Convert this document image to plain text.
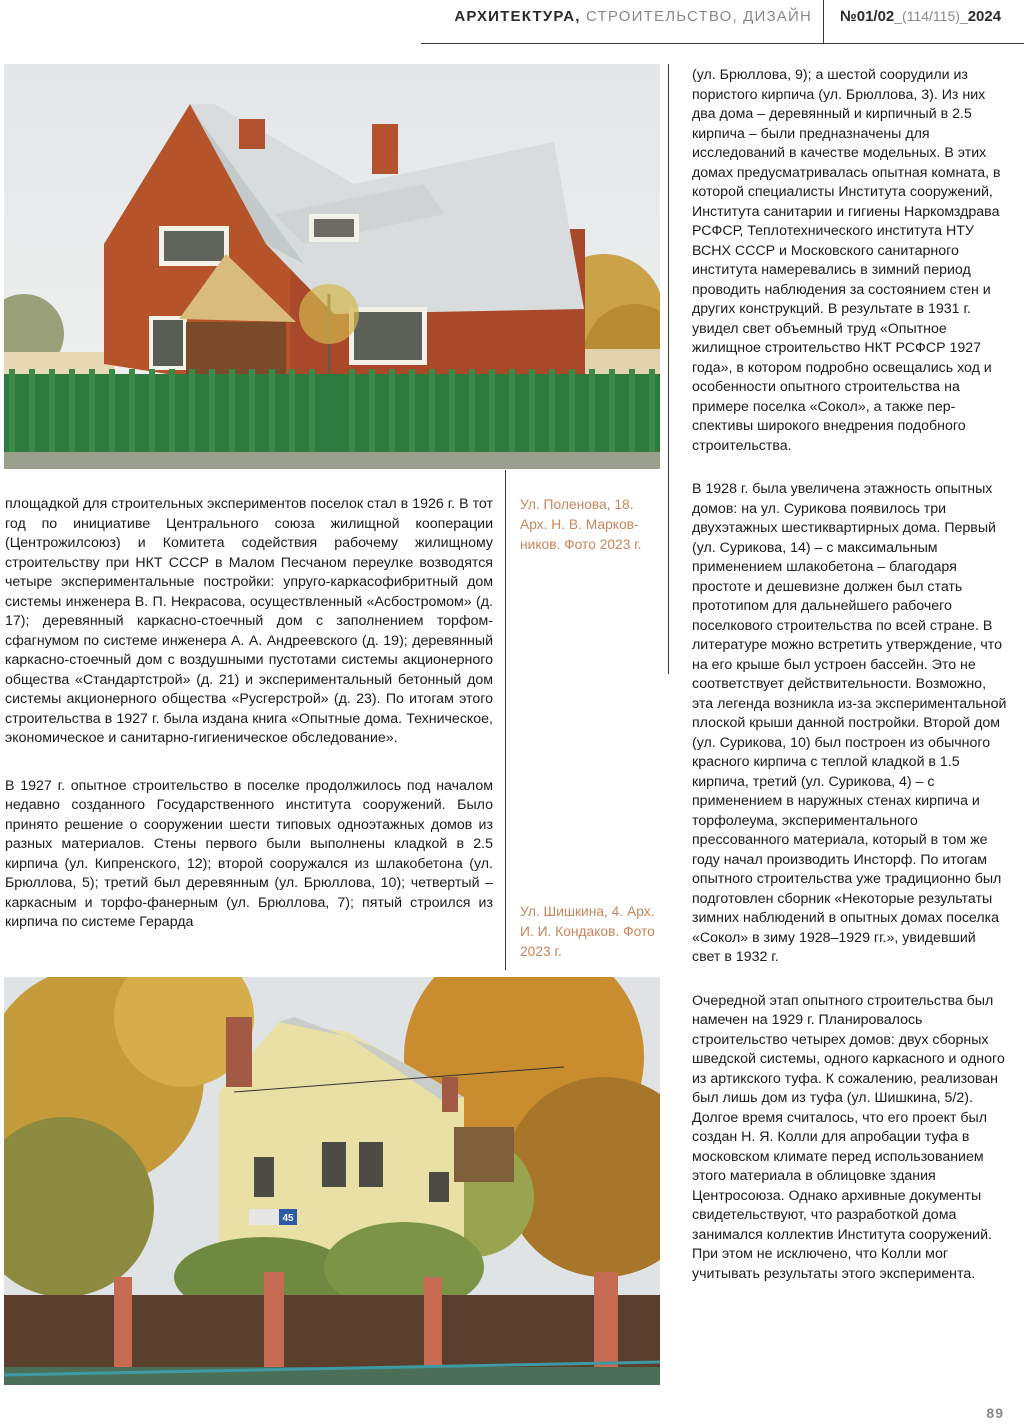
АРХИТЕКТУРА, СТРОИТЕЛЬСТВО, ДИЗАЙН №01/02_(114/115)_2024
45
Ул. Поленова, 18. Арх. Н. В. Марковников. Фото 2023 г.
Ул. Шишкина, 4. Арх. И. И. Кондаков. Фото 2023 г.

площадкой для строительных экспериментов поселок стал в 1926 г. В тот год по инициативе Центрального союза жилищной кооперации (Центрожилсоюз) и Комитета содействия рабочему жилищному строительству при НКТ СССР в Малом Песчаном переулке возводятся четыре экспериментальные постройки: упруго-каркасофибритный дом системы инженера В. П. Некрасова, осуществленный «Асбостромом» (д. 17); деревянный каркасно-стоечный дом с заполнением торфом-сфагнумом по системе инженера А. А. Андреевского (д. 19); деревянный каркасно-стоечный дом с воздушными пустотами системы акционерного общества «Стандартстрой» (д. 21) и экспериментальный бетонный дом системы акционерного общества «Русгерстрой» (д. 23). По итогам этого строительства в 1927 г. была издана книга «Опытные дома. Техническое, экономическое и санитарно-гигиеническое обследование».

В 1927 г. опытное строительство в поселке продолжилось под началом недавно созданного Государственного института сооружений. Было принято решение о сооружении шести типовых одноэтажных домов из разных материалов. Стены первого были выполнены кладкой в 2.5 кирпича (ул. Кипренского, 12); второй сооружался из шлакобетона (ул. Брюллова, 5); третий был деревянным (ул. Брюллова, 10); четвертый – каркасным и торфо-фанерным (ул. Брюллова, 7); пятый строился из кирпича по системе Герарда

(ул. Брюллова, 9); а шестой соорудили из пористого кирпича (ул. Брюллова, 3). Из них два дома – деревянный и кирпичный в 2.5 кирпича – были предназначены для исследований в качестве модельных. В этих домах предусматривалась опытная комната, в которой специалисты Института сооружений, Института санитарии и гигиены Наркомздрава РСФСР, Теплотехнического института НТУ ВСНХ СССР и Московского санитарного института намеревались в зимний период проводить наблюдения за состоянием стен и других конструкций. В результате в 1931 г. увидел свет объемный труд «Опытное жилищное строительство НКТ РСФСР 1927 года», в котором подробно освещались ход и особенности опытного строительства на примере поселка «Сокол», а также перспективы широкого внедрения подобного строительства.

В 1928 г. была увеличена этажность опытных домов: на ул. Сурикова появилось три двухэтажных шестиквартирных дома. Первый (ул. Сурикова, 14) – с максимальным применением шлакобетона – благодаря простоте и дешевизне должен был стать прототипом для дальнейшего рабочего поселкового строительства по всей стране. В литературе можно встретить утверждение, что на его крыше был устроен бассейн. Это не соответствует действительности. Возможно, эта легенда возникла из-за экспериментальной плоской крыши данной постройки. Второй дом (ул. Сурикова, 10) был построен из обычного красного кирпича с теплой кладкой в 1.5 кирпича, третий (ул. Сурикова, 4) – с применением в наружных стенах кирпича и торфолеума, экспериментального прессованного материала, который в том же году начал производить Инсторф. По итогам опытного строительства уже традиционно был подготовлен сборник «Некоторые результаты зимних наблюдений в опытных домах поселка «Сокол» в зиму 1928–1929 гг.», увидевший свет в 1932 г.

Очередной этап опытного строительства был намечен на 1929 г. Планировалось строительство четырех домов: двух сборных шведской системы, одного каркасного и одного из артикского туфа. К сожалению, реализован был лишь дом из туфа (ул. Шишкина, 5/2). Долгое время считалось, что его проект был создан Н. Я. Колли для апробации туфа в московском климате перед использованием этого материала в облицовке здания Центросоюза. Однако архивные документы свидетельствуют, что разработкой дома занимался коллектив Института сооружений. При этом не исключено, что Колли мог учитывать результаты этого эксперимента.

89
